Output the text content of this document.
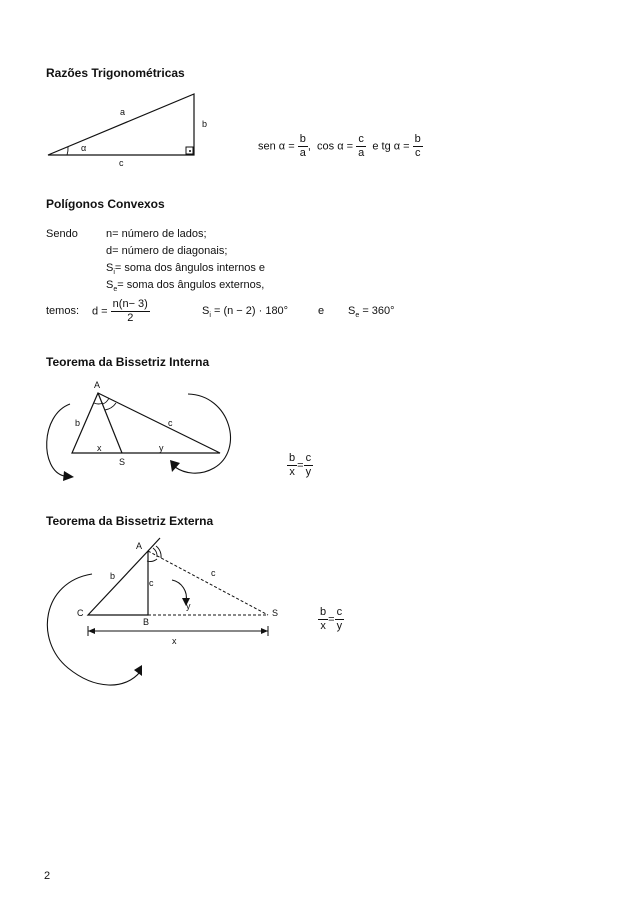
Razões Trigonométricas
a
b
c
α	sen $\alpha = \frac{b}{a}$ , $\cos \alpha = \frac{c}{a}$ e tg $\alpha = \frac{b}{c}$
Polígonos Convexos
Sendo	n= número de lados;
d= número de diagonais;
$S_i=$ soma dos ângulos internos e
$S_e=$ soma dos ângulos externos,
temos: $d = \frac{n(n- 3)}{2}$	$S_i = (n - 2) \cdot 180^\circ$	e $S_e = 360^\circ$
Teorema da Bissetriz Interna
A
b	c
x	y
S	$\frac{b}{x} = \frac{c}{y}$
Teorema da Bissetriz Externa
A
b
c
c
C
B
S
y
x
$\frac{b}{x} = \frac{c}{y}$
2
